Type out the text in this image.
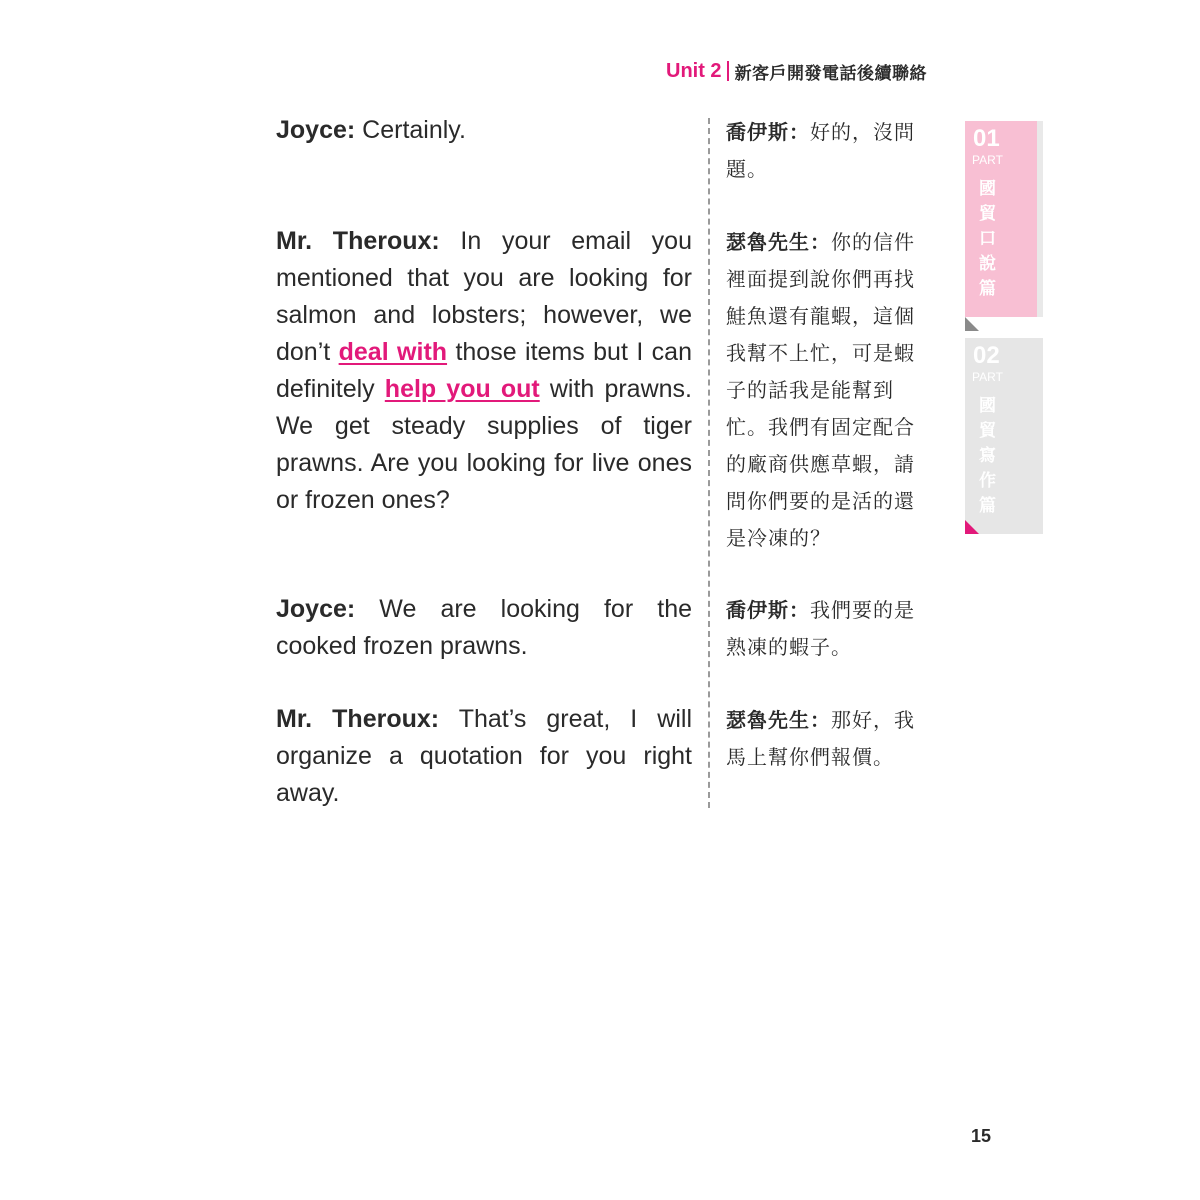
Unit 2 新客戶開發電話後續聯絡
Joyce: Certainly.
Mr. Theroux: In your email you mentioned that you are looking for salmon and lobsters; however, we don’t deal with those items but I can definitely help you out with prawns. We get steady supplies of tiger prawns. Are you looking for live ones or frozen ones?
Joyce: We are looking for the cooked frozen prawns.
Mr. Theroux: That’s great, I will organize a quotation for you right away.
喬伊斯：好的，沒問題。
瑟魯先生：你的信件裡面提到說你們再找鮭魚還有龍蝦，這個我幫不上忙，可是蝦子的話我是能幫到忙。我們有固定配合的廠商供應草蝦，請問你們要的是活的還是冷凍的？
喬伊斯：我們要的是熟凍的蝦子。
瑟魯先生：那好，我馬上幫你們報價。
01
PART
國貿口說篇
02
PART
國貿寫作篇
15
